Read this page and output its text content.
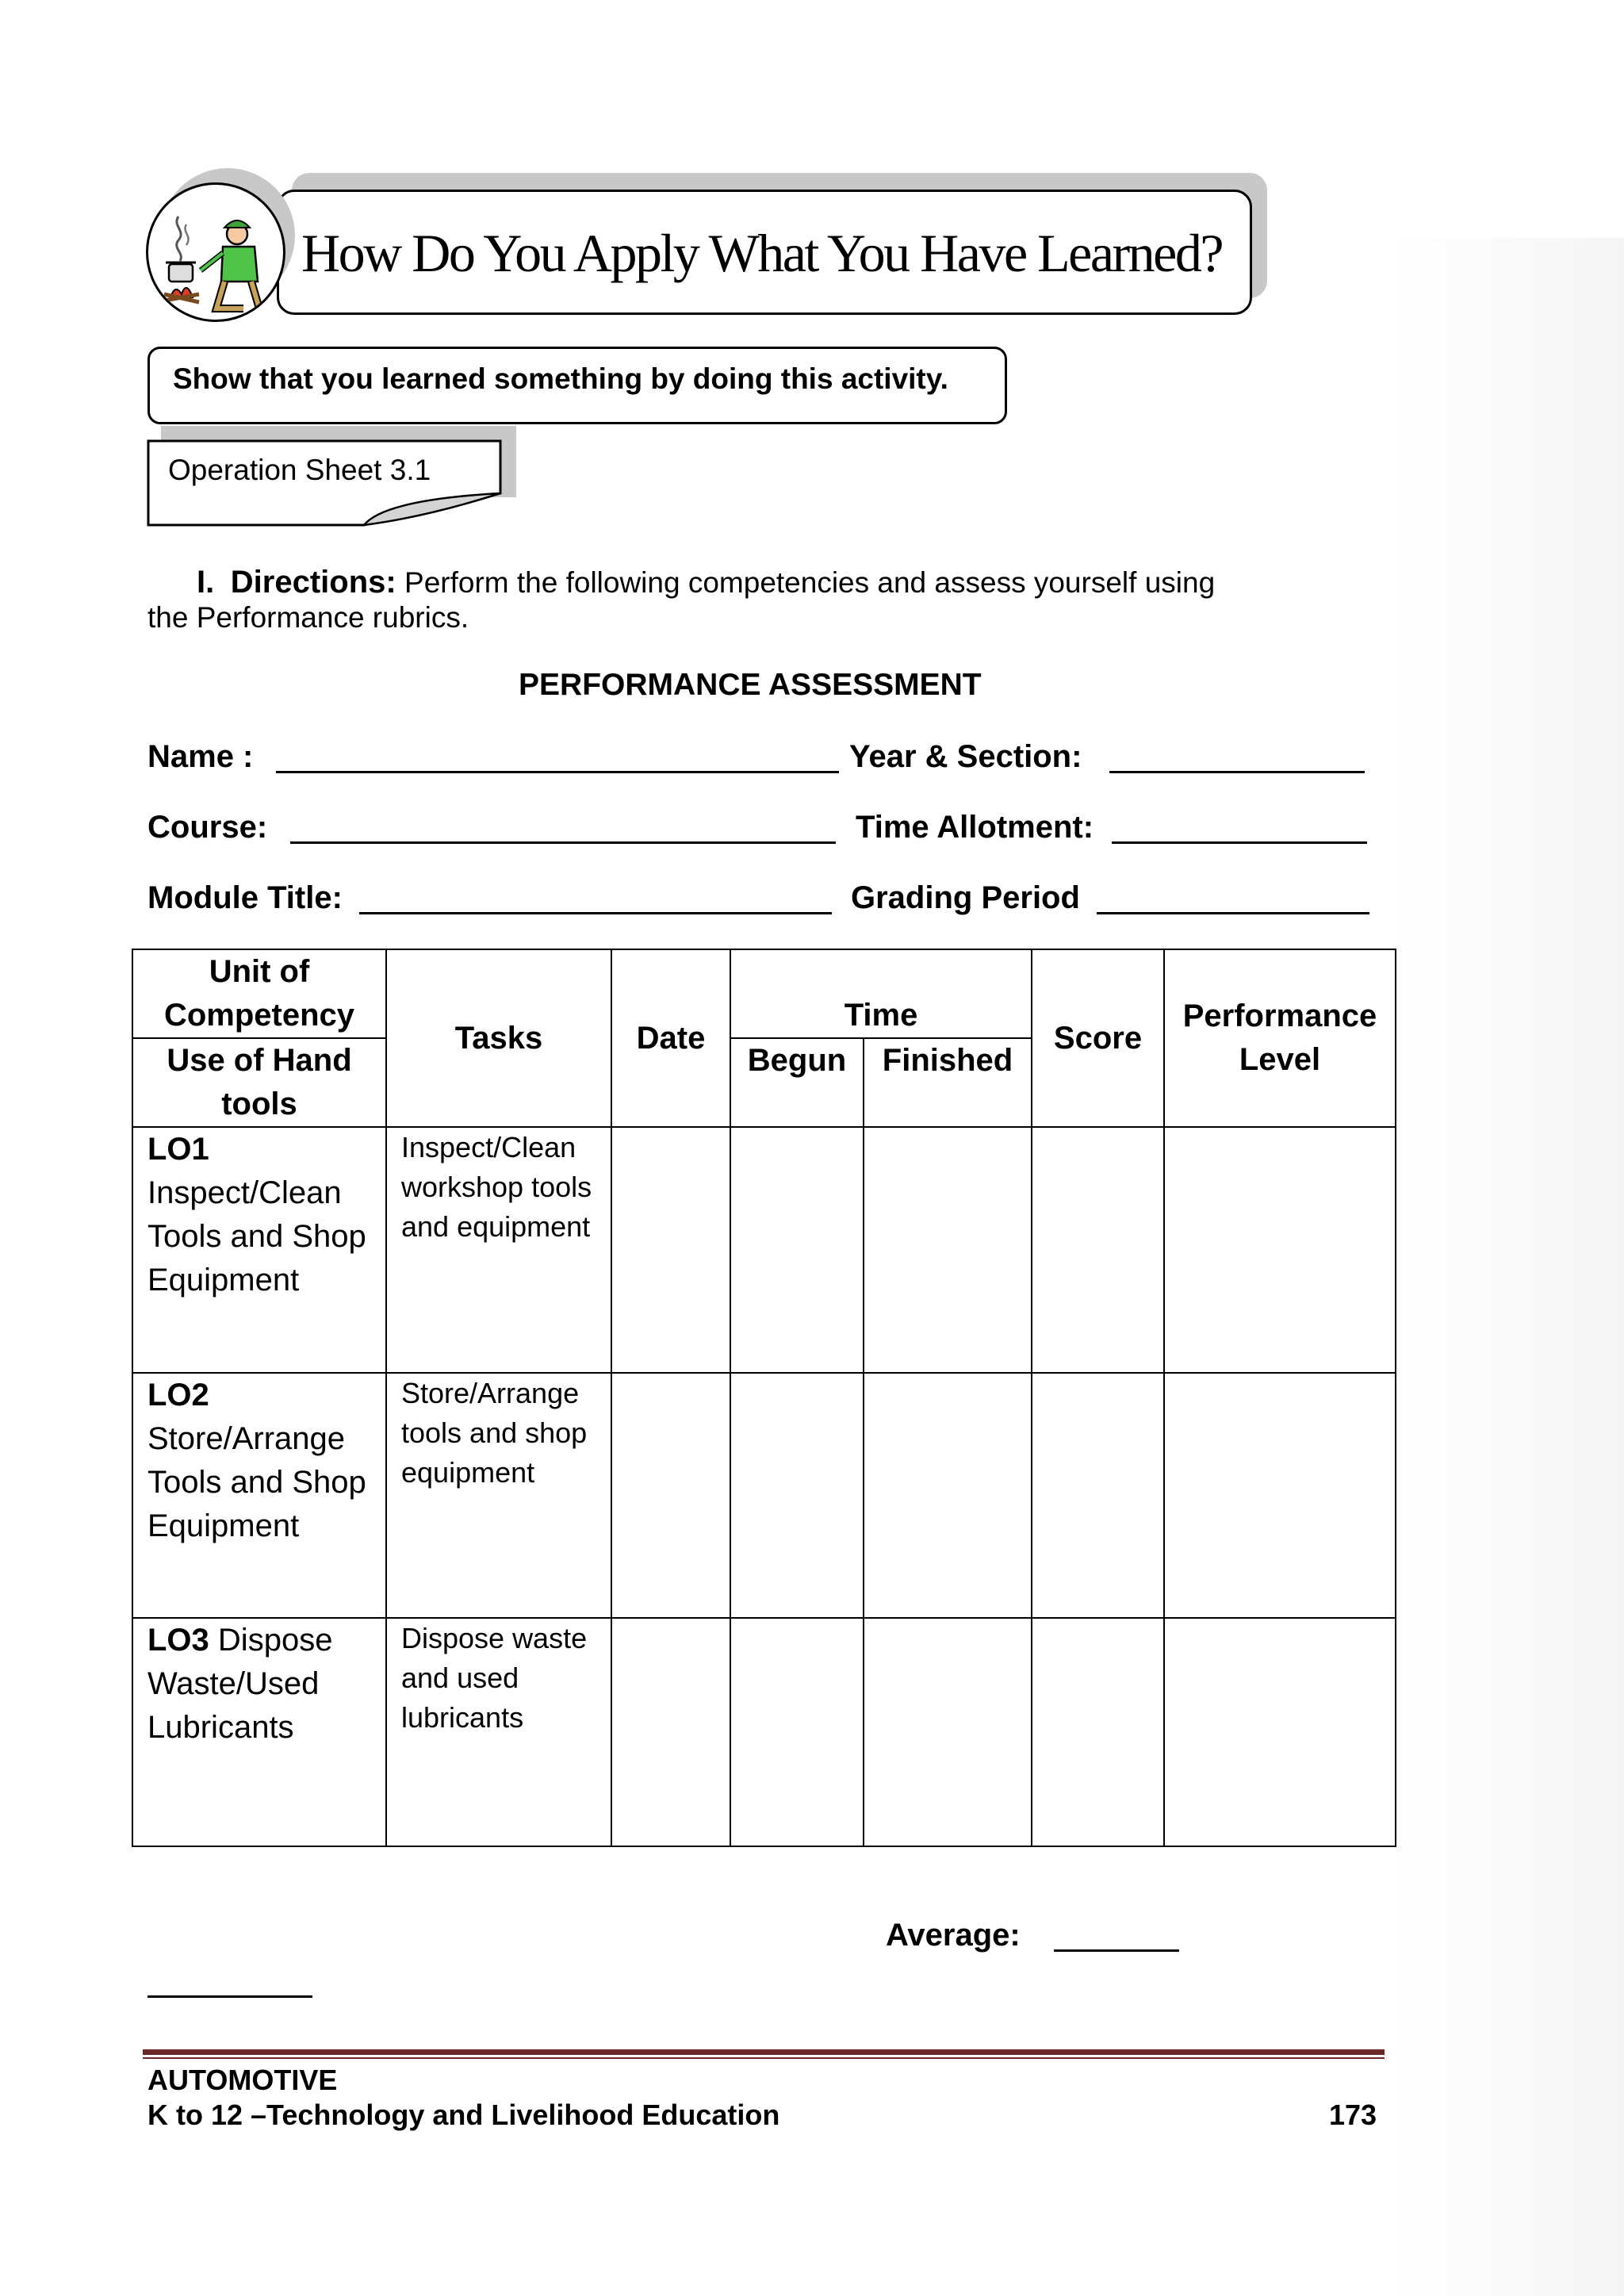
How Do You Apply What You Have Learned?
Show that you learned something by doing this activity.
Operation Sheet 3.1
I. Directions: Perform the following competencies and assess yourself using
the Performance rubrics.
PERFORMANCE ASSESSMENT
Name :	Year & Section:
Course:	Time Allotment:
Module Title:	Grading Period
Unit of Competency	Tasks	Date	Time		Score	Performance Level
Use of Hand tools			Begun	Finished		
LO1
Inspect/Clean Tools and Shop Equipment	Inspect/Clean workshop tools and equipment					
LO2
Store/Arrange Tools and Shop Equipment	Store/Arrange tools and shop equipment					
LO3 Dispose Waste/Used Lubricants	Dispose waste and used lubricants					
Average:
AUTOMOTIVE
K to 12 –Technology and Livelihood Education	173
